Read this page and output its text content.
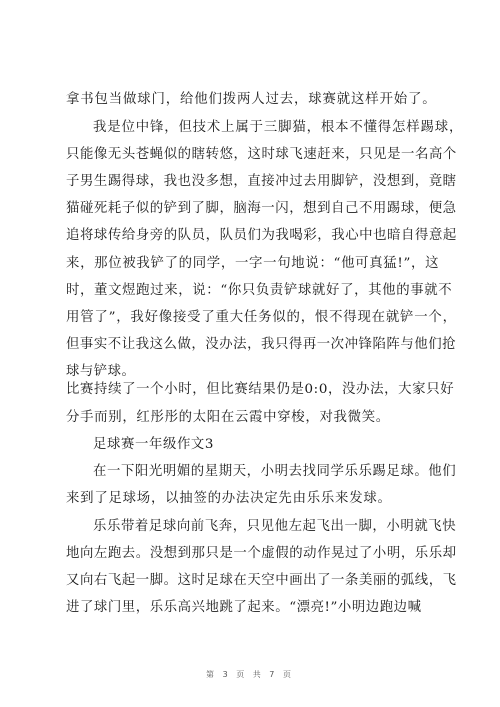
拿书包当做球门，给他们拨两人过去，球赛就这样开始了。
我是位中锋，但技术上属于三脚猫，根本不懂得怎样踢球，
只能像无头苍蝇似的瞎转悠，这时球飞速赶来，只见是一名高个
子男生踢得球，我也没多想，直接冲过去用脚铲，没想到，竟瞎
猫碰死耗子似的铲到了脚，脑海一闪，想到自己不用踢球，便急
追将球传给身旁的队员，队员们为我喝彩，我心中也暗自得意起
来，那位被我铲了的同学，一字一句地说：“他可真猛!”，这
时，董文煜跑过来，说：“你只负责铲球就好了，其他的事就不
用管了”，我好像接受了重大任务似的，恨不得现在就铲一个，
但事实不让我这么做，没办法，我只得再一次冲锋陷阵与他们抢
球与铲球。
比赛持续了一个小时，但比赛结果仍是0:0，没办法，大家只好
分手而别，红彤彤的太阳在云霞中穿梭，对我微笑。
足球赛一年级作文3
在一下阳光明媚的星期天，小明去找同学乐乐踢足球。他们
来到了足球场，以抽签的办法决定先由乐乐来发球。
乐乐带着足球向前飞奔，只见他左起飞出一脚，小明就飞快
地向左跑去。没想到那只是一个虚假的动作晃过了小明，乐乐却
又向右飞起一脚。这时足球在天空中画出了一条美丽的弧线，飞
进了球门里，乐乐高兴地跳了起来。“漂亮!”小明边跑边喊
第 3 页 共 7 页
